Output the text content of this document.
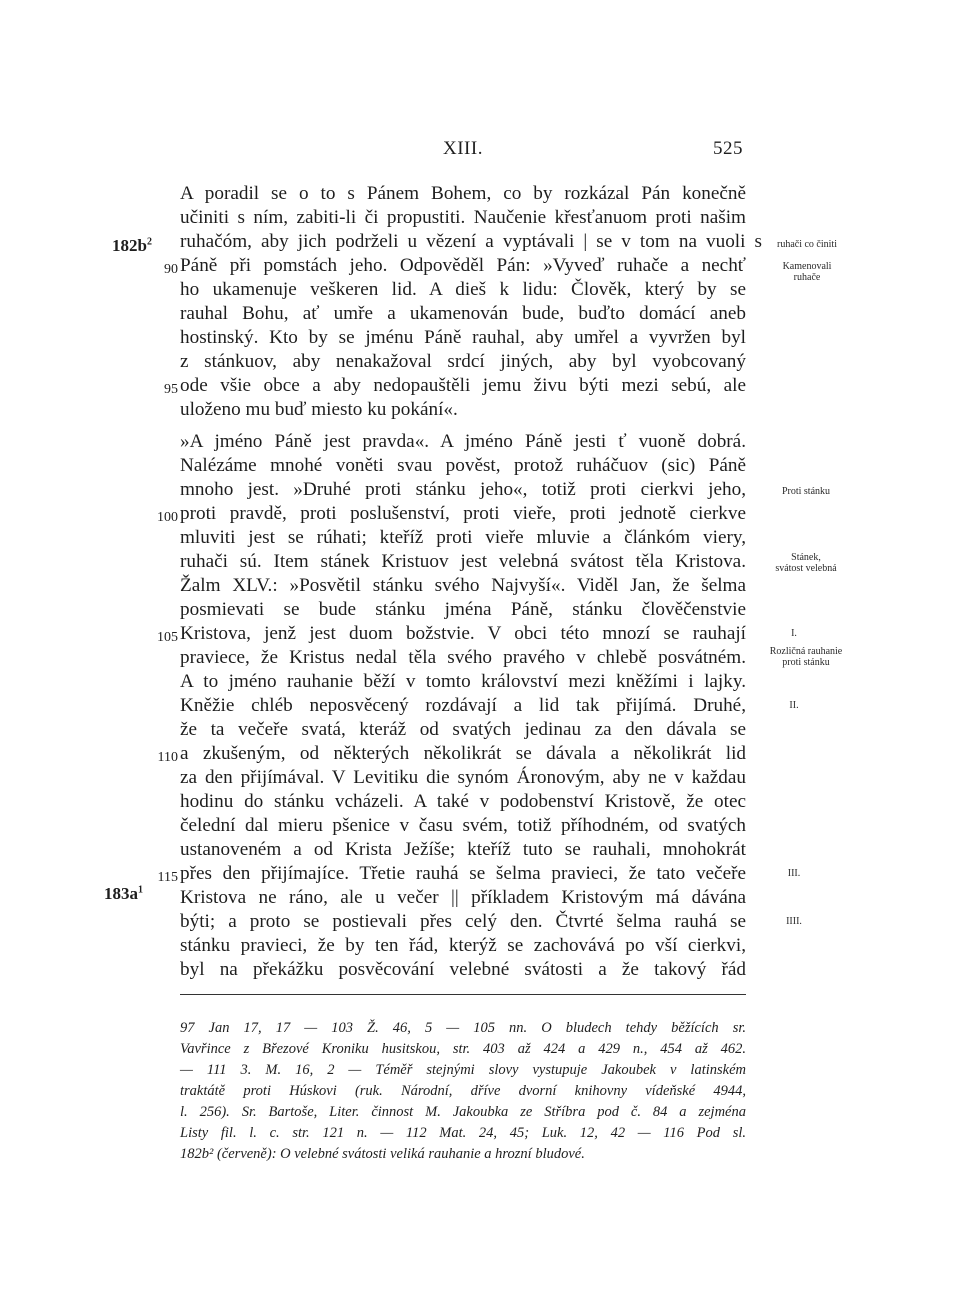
XIII.	525
A poradil se o to s Pánem Bohem, co by rozkázal Pán konečně
učiniti s ním, zabiti-li či propustiti. Naučenie křesťanuom proti našim
ruhačóm, aby jich podrželi u vězení a vyptávali | se v tom na vuoli s
Páně při pomstách jeho. Odpověděl Pán: »Vyveď ruhače a nechť
ho ukamenuje veškeren lid. A dieš k lidu: Člověk, který by se
rauhal Bohu, ať umře a ukamenován bude, buďto domácí aneb
hostinský. Kto by se jménu Páně rauhal, aby umřel a vyvržen byl
z stánkuov, aby nenakažoval srdcí jiných, aby byl vyobcovaný
ode všie obce a aby nedopauštěli jemu živu býti mezi sebú, ale
uloženo mu buď miesto ku pokání«.
»A jméno Páně jest pravda«. A jméno Páně jesti ť vuoně dobrá.
Nalézáme mnohé voněti svau pověst, protož ruháčuov (sic) Páně
mnoho jest. »Druhé proti stánku jeho«, totiž proti cierkvi jeho,
proti pravdě, proti poslušenství, proti vieře, proti jednotě cierkve
mluviti jest se rúhati; kteříž proti vieře mluvie a článkóm viery,
ruhači sú. Item stánek Kristuov jest velebná svátost těla Kristova.
Žalm XLV.: »Posvětil stánku svého Najvyší«. Viděl Jan, že šelma
posmievati se bude stánku jména Páně, stánku člověčenstvie
Kristova, jenž jest duom božstvie. V obci této mnozí se rauhají
praviece, že Kristus nedal těla svého pravého v chlebě posvátném.
A to jméno rauhanie běží v tomto království mezi kněžími i lajky.
Kněžie chléb neposvěcený rozdávají a lid tak přijímá. Druhé,
že ta večeře svatá, kteráž od svatých jedinau za den dávala se
a zkušeným, od některých několikrát se dávala a několikrát lid
za den přijímával. V Levitiku die synóm Áronovým, aby ne v každau
hodinu do stánku vcházeli. A také v podobenství Kristově, že otec
čelední dal mieru pšenice v času svém, totiž příhodném, od svatých
ustanoveném a od Krista Ježíše; kteříž tuto se rauhali, mnohokrát
přes den přijímajíce. Třetie rauhá se šelma pravieci, že tato večeře
Kristova ne ráno, ale u večer || příkladem Kristovým má dávána
býti; a proto se postievali přes celý den. Čtvrté šelma rauhá se
stánku pravieci, že by ten řád, kterýž se zachovává po vší cierkvi,
byl na překážku posvěcování velebné svátosti a že takový řád
90
95
100
105
110
115
$182b^2$
$183a^1$
ruhači co činiti
Kamenovali
ruhače
Proti stánku
Stánek,
svátost velebná
I.
Rozličná rauhanie
proti stánku
II.
III.
IIII.
97 Jan 17, 17 — 103 Ž. 46, 5 — 105 nn. O bludech tehdy běžících sr.
Vavřince z Březové Kroniku husitskou, str. 403 až 424 a 429 n., 454 až 462.
— 111 3. M. 16, 2 — Téměř stejnými slovy vystupuje Jakoubek v latinském
traktátě proti Húskovi (ruk. Národní, dříve dvorní knihovny vídeňské 4944,
l. 256). Sr. Bartoše, Liter. činnost M. Jakoubka ze Stříbra pod č. 84 a zejména
Listy fil. l. c. str. 121 n. — 112 Mat. 24, 45; Luk. 12, 42 — 116 Pod sl.
182b² (červeně): O velebné svátosti veliká rauhanie a hrozní bludové.
